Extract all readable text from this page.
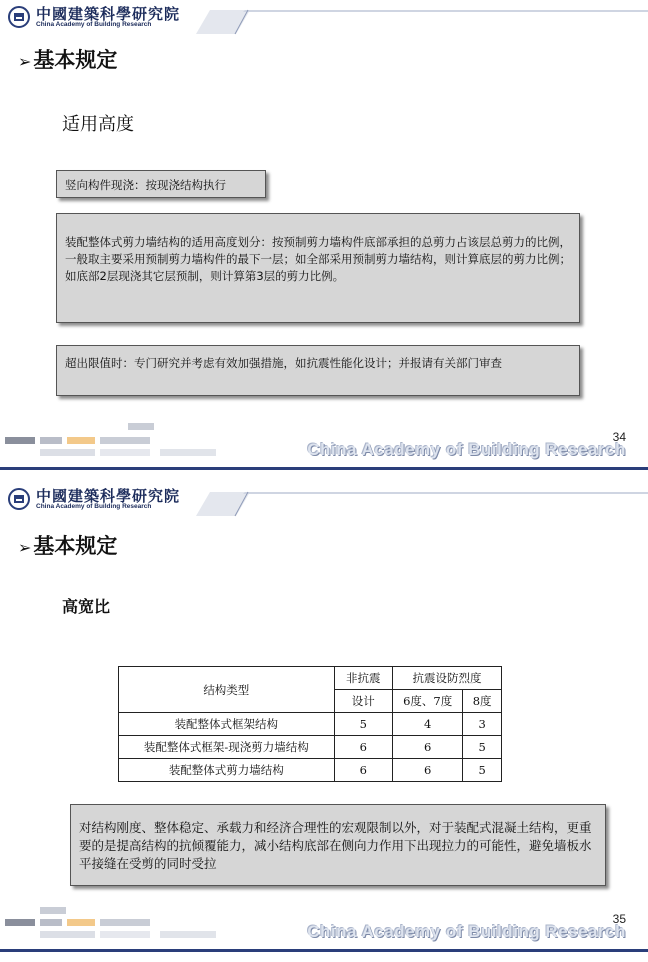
中國建築科學研究院
China Academy of Building Research
➢基本规定
适用高度
竖向构件现浇：按现浇结构执行
装配整体式剪力墙结构的适用高度划分：按预制剪力墙构件底部承担的总剪力占该层总剪力的比例，一般取主要采用预制剪力墙构件的最下一层；如全部采用预制剪力墙结构，则计算底层的剪力比例；如底部2层现浇其它层预制，则计算第3层的剪力比例。
超出限值时：专门研究并考虑有效加强措施，如抗震性能化设计；并报请有关部门审查
34
China Academy of Building Research
中國建築科學研究院
China Academy of Building Research
➢基本规定
高宽比
结构类型	非抗震	抗震设防烈度	
	设计	6度、7度	8度
装配整体式框架结构	5	4	3
装配整体式框架-现浇剪力墙结构	6	6	5
装配整体式剪力墙结构	6	6	5
对结构刚度、整体稳定、承载力和经济合理性的宏观限制以外，对于装配式混凝土结构，更重要的是提高结构的抗倾覆能力，减小结构底部在侧向力作用下出现拉力的可能性，避免墙板水平接缝在受剪的同时受拉
35
China Academy of Building Research
